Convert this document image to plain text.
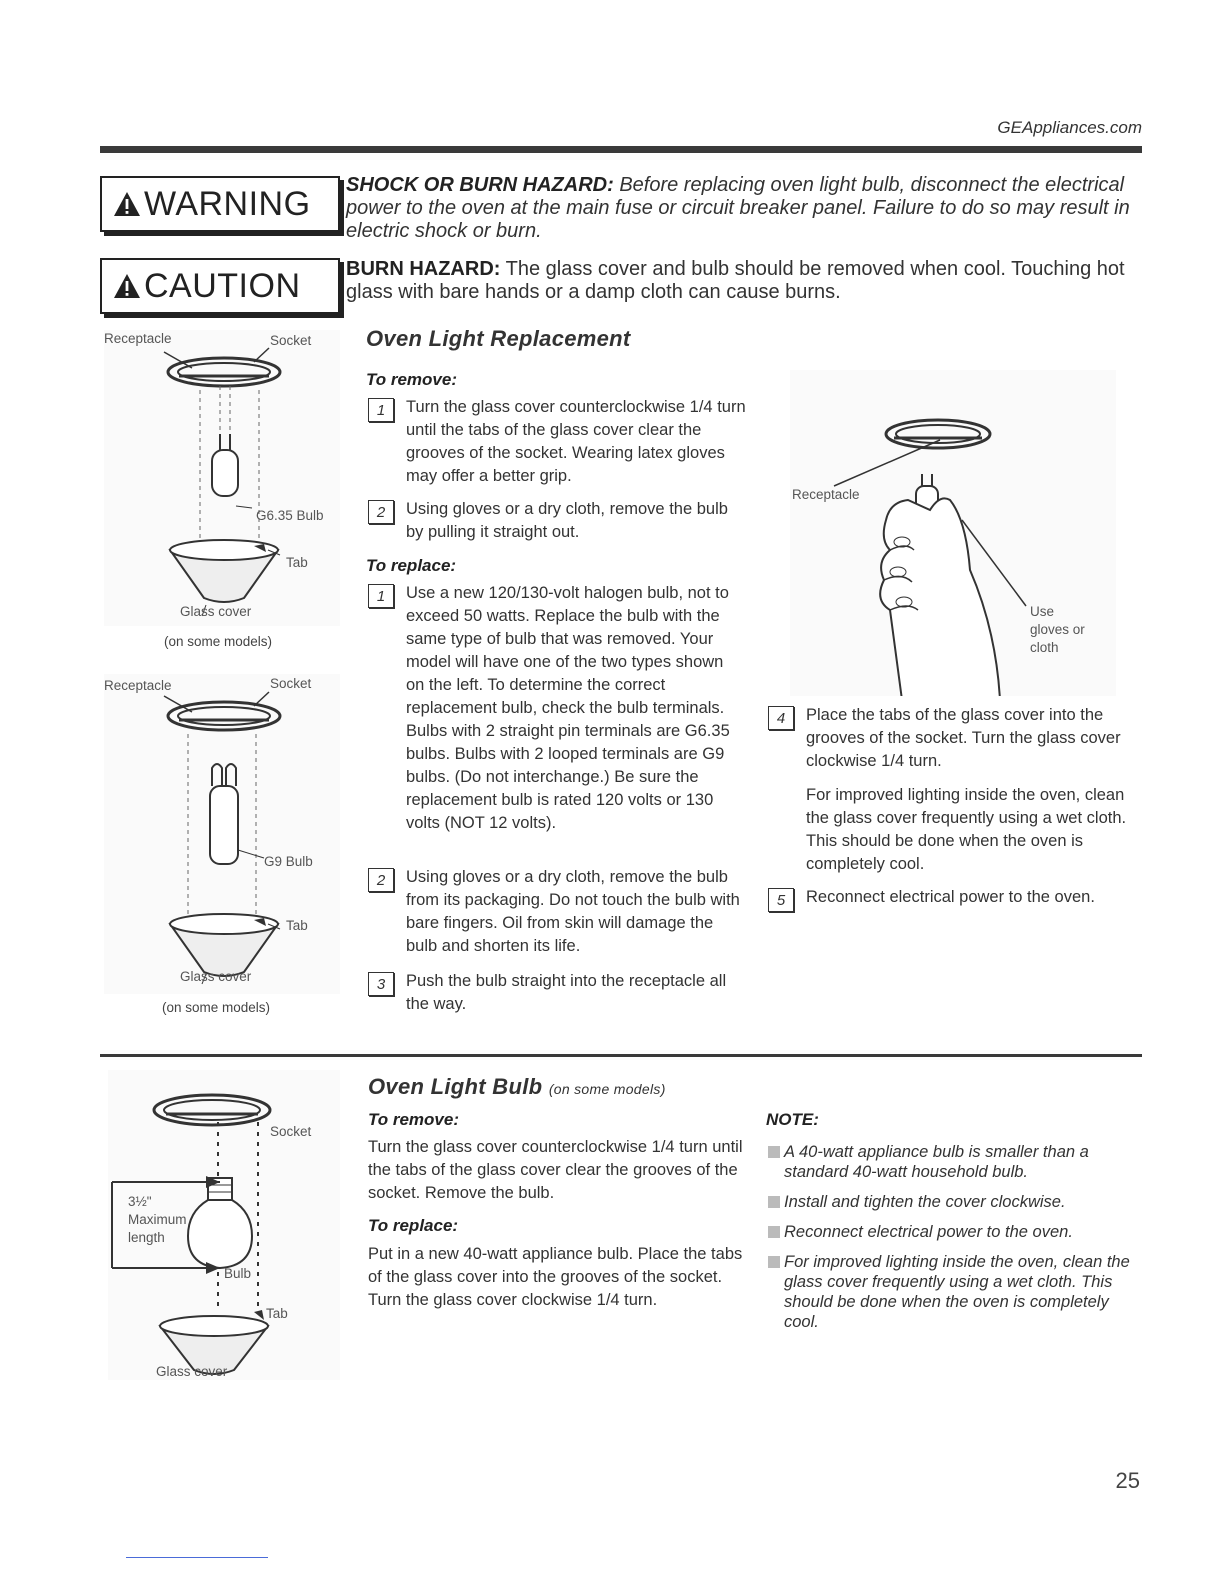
GEAppliances.com
WARNING SHOCK OR BURN HAZARD: Before replacing oven light bulb, disconnect the electrical power to the oven at the main fuse or circuit breaker panel. Failure to do so may result in electric shock or burn.
CAUTION BURN HAZARD: The glass cover and bulb should be removed when cool. Touching hot glass with bare hands or a damp cloth can cause burns.
Receptacle	Socket
G6.35 Bulb
Tab
Glass cover
(on some models)
Receptacle	Socket
G9 Bulb
Tab
Glass cover
(on some models)
Oven Light Replacement
To remove:
1	Turn the glass cover counterclockwise 1/4 turn until the tabs of the glass cover clear the grooves of the socket. Wearing latex gloves may offer a better grip.
2	Using gloves or a dry cloth, remove the bulb by pulling it straight out.
To replace:
1	Use a new 120/130-volt halogen bulb, not to exceed 50 watts. Replace the bulb with the same type of bulb that was removed. Your model will have one of the two types shown on the left. To determine the correct replacement bulb, check the bulb terminals. Bulbs with 2 straight pin terminals are G6.35 bulbs. Bulbs with 2 looped terminals are G9 bulbs. (Do not interchange.) Be sure the replacement bulb is rated 120 volts or 130 volts (NOT 12 volts).
2	Using gloves or a dry cloth, remove the bulb from its packaging. Do not touch the bulb with bare fingers. Oil from skin will damage the bulb and shorten its life.
3	Push the bulb straight into the receptacle all the way.
Receptacle
Use
gloves or
cloth
4	Place the tabs of the glass cover into the grooves of the socket. Turn the glass cover clockwise 1/4 turn.
For improved lighting inside the oven, clean the glass cover frequently using a wet cloth. This should be done when the oven is completely cool.
5	Reconnect electrical power to the oven.
Socket
3½"
Maximum
length
Bulb
Tab
Glass cover
Oven Light Bulb (on some models)
To remove:
Turn the glass cover counterclockwise 1/4 turn until the tabs of the glass cover clear the grooves of the socket. Remove the bulb.
To replace:
Put in a new 40-watt appliance bulb. Place the tabs of the glass cover into the grooves of the socket. Turn the glass cover clockwise 1/4 turn.
NOTE:
A 40-watt appliance bulb is smaller than a standard 40-watt household bulb.
Install and tighten the cover clockwise.
Reconnect electrical power to the oven.
For improved lighting inside the oven, clean the glass cover frequently using a wet cloth. This should be done when the oven is completely cool.
25
